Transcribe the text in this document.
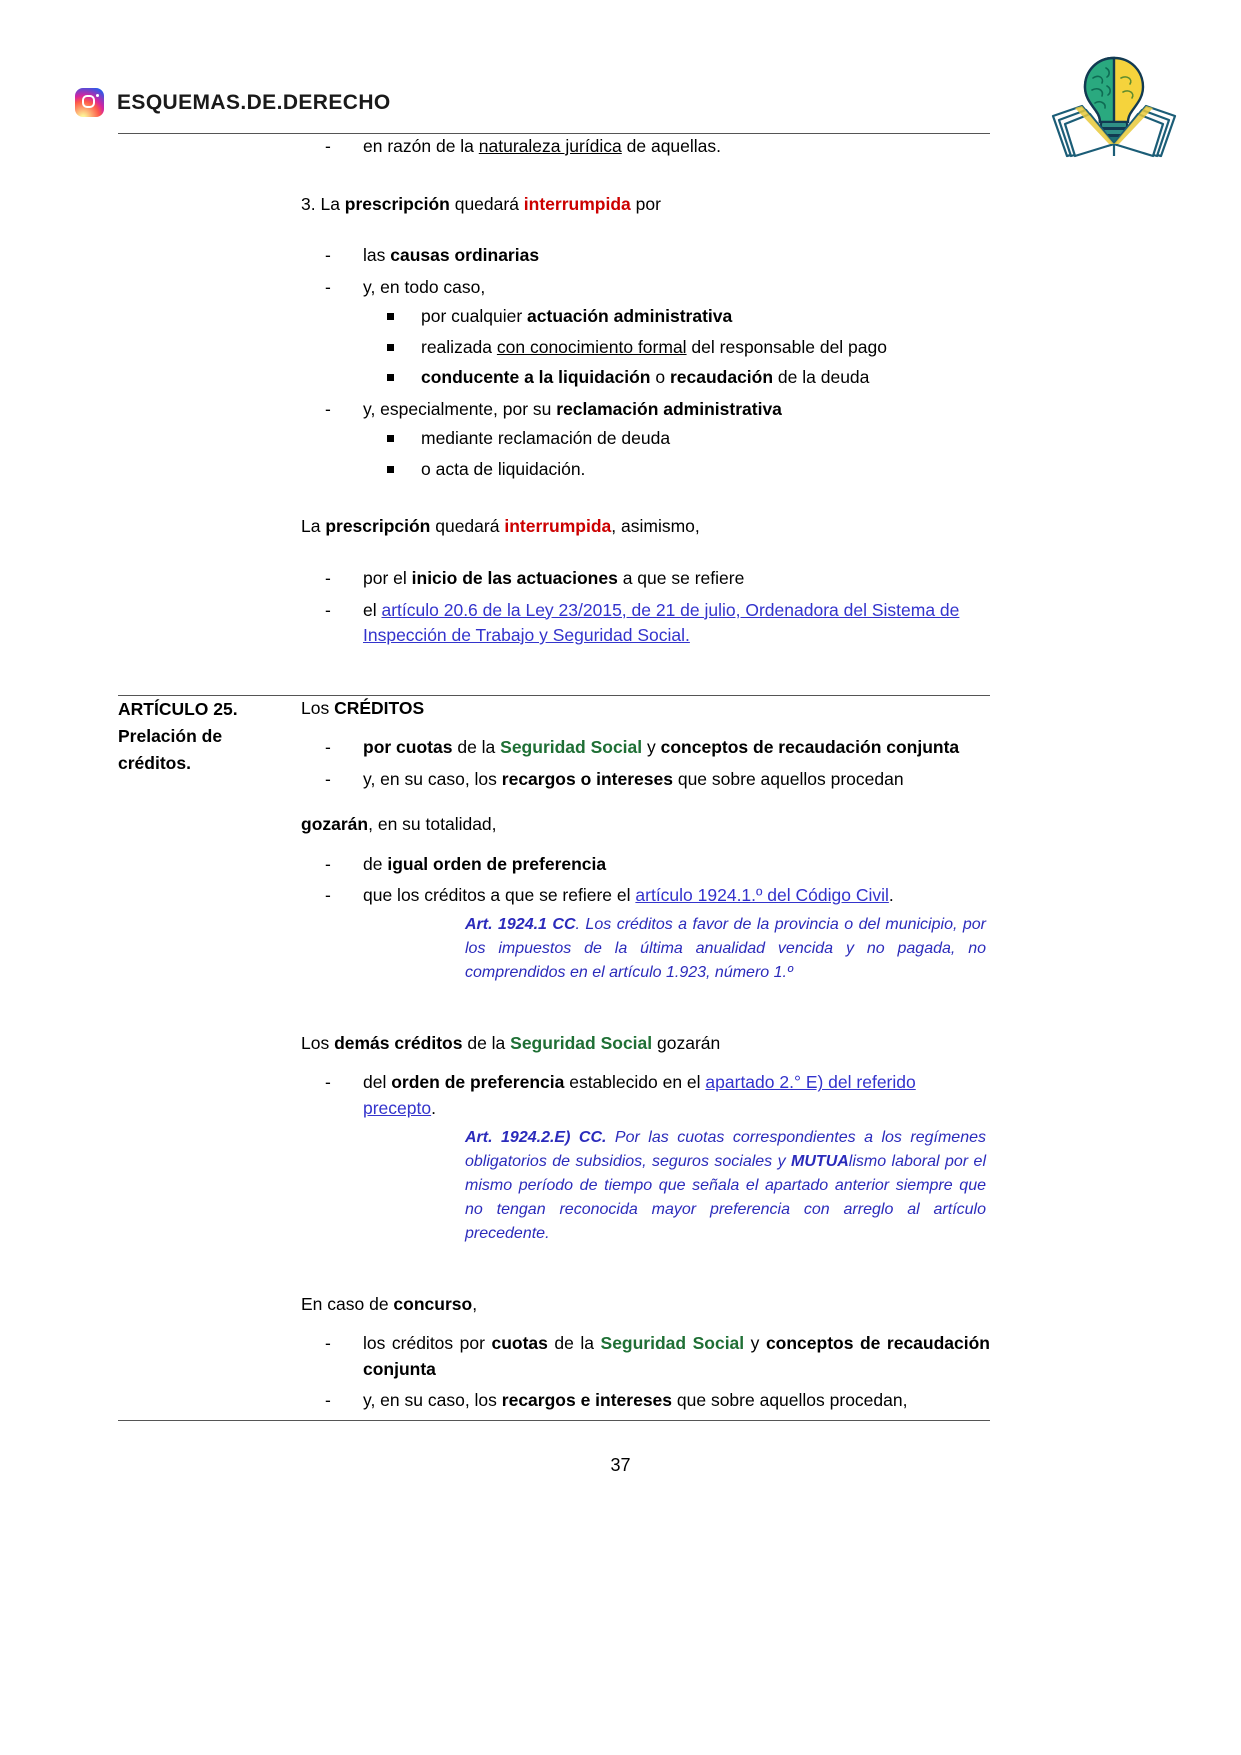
ESQUEMAS.DE.DERECHO

- en razón de la naturaleza jurídica de aquellas.
3. La prescripción quedará interrumpida por
- las causas ordinarias
- y, en todo caso,
por cualquier actuación administrativa
realizada con conocimiento formal del responsable del pago
conducente a la liquidación o recaudación de la deuda
- y, especialmente, por su reclamación administrativa
mediante reclamación de deuda
o acta de liquidación.
La prescripción quedará interrumpida, asimismo,
- por el inicio de las actuaciones a que se refiere
- el artículo 20.6 de la Ley 23/2015, de 21 de julio, Ordenadora del Sistema de Inspección de Trabajo y Seguridad Social.

ARTÍCULO 25.
Prelación de
créditos.

Los CRÉDITOS
- por cuotas de la Seguridad Social y conceptos de recaudación conjunta
- y, en su caso, los recargos o intereses que sobre aquellos procedan
gozarán, en su totalidad,
- de igual orden de preferencia
- que los créditos a que se refiere el artículo 1924.1.º del Código Civil.
Art. 1924.1 CC. Los créditos a favor de la provincia o del municipio, por los impuestos de la última anualidad vencida y no pagada, no comprendidos en el artículo 1.923, número 1.º
Los demás créditos de la Seguridad Social gozarán
- del orden de preferencia establecido en el apartado 2.° E) del referido precepto.
Art. 1924.2.E) CC. Por las cuotas correspondientes a los regímenes obligatorios de subsidios, seguros sociales y MUTUAlismo laboral por el mismo período de tiempo que señala el apartado anterior siempre que no tengan reconocida mayor preferencia con arreglo al artículo precedente.
En caso de concurso,
- los créditos por cuotas de la Seguridad Social y conceptos de recaudación conjunta
- y, en su caso, los recargos e intereses que sobre aquellos procedan,
37
